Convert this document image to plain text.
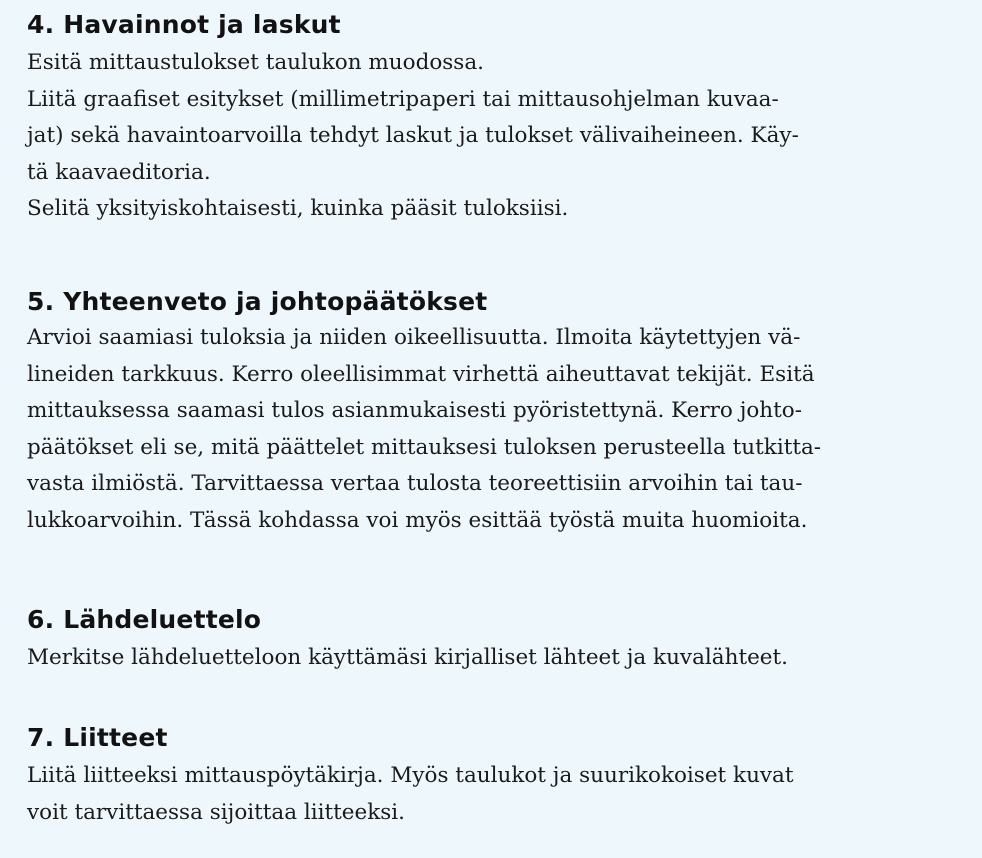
4. Havainnot ja laskut

Esitä mittaustulokset taulukon muodossa.
Liitä graafiset esitykset (millimetripaperi tai mittausohjelman kuvaa-
jat) sekä havaintoarvoilla tehdyt laskut ja tulokset välivaiheineen. Käy-
tä kaavaeditoria.
Selitä yksityiskohtaisesti, kuinka pääsit tuloksiisi.

5. Yhteenveto ja johtopäätökset

Arvioi saamiasi tuloksia ja niiden oikeellisuutta. Ilmoita käytettyjen vä-
lineiden tarkkuus. Kerro oleellisimmat virhettä aiheuttavat tekijät. Esitä
mittauksessa saamasi tulos asianmukaisesti pyöristettynä. Kerro johto-
päätökset eli se, mitä päättelet mittauksesi tuloksen perusteella tutkitta-
vasta ilmiöstä. Tarvittaessa vertaa tulosta teoreettisiin arvoihin tai tau-
lukkoarvoihin. Tässä kohdassa voi myös esittää työstä muita huomioita.

6. Lähdeluettelo

Merkitse lähdeluetteloon käyttämäsi kirjalliset lähteet ja kuvalähteet.

7. Liitteet

Liitä liitteeksi mittauspöytäkirja. Myös taulukot ja suurikokoiset kuvat
voit tarvittaessa sijoittaa liitteeksi.
